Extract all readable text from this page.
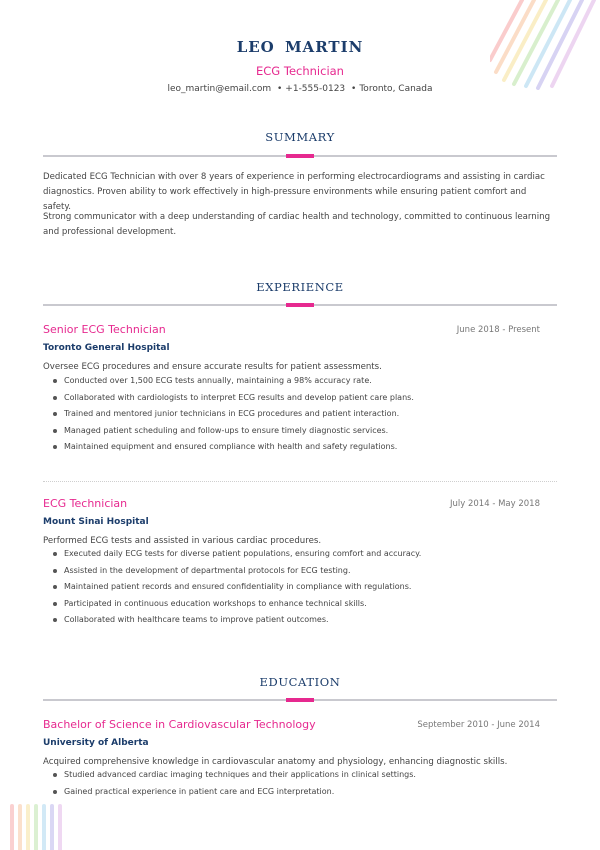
LEO MARTIN
ECG Technician
leo_martin@email.com • +1-555-0123 • Toronto, Canada
SUMMARY
Dedicated ECG Technician with over 8 years of experience in performing electrocardiograms and assisting in cardiac diagnostics. Proven ability to work effectively in high-pressure environments while ensuring patient comfort and safety.
Strong communicator with a deep understanding of cardiac health and technology, committed to continuous learning and professional development.
EXPERIENCE
Senior ECG Technician	June 2018 - Present
Toronto General Hospital
Oversee ECG procedures and ensure accurate results for patient assessments.
Conducted over 1,500 ECG tests annually, maintaining a 98% accuracy rate.
Collaborated with cardiologists to interpret ECG results and develop patient care plans.
Trained and mentored junior technicians in ECG procedures and patient interaction.
Managed patient scheduling and follow-ups to ensure timely diagnostic services.
Maintained equipment and ensured compliance with health and safety regulations.
ECG Technician	July 2014 - May 2018
Mount Sinai Hospital
Performed ECG tests and assisted in various cardiac procedures.
Executed daily ECG tests for diverse patient populations, ensuring comfort and accuracy.
Assisted in the development of departmental protocols for ECG testing.
Maintained patient records and ensured confidentiality in compliance with regulations.
Participated in continuous education workshops to enhance technical skills.
Collaborated with healthcare teams to improve patient outcomes.
EDUCATION
Bachelor of Science in Cardiovascular Technology	September 2010 - June 2014
University of Alberta
Acquired comprehensive knowledge in cardiovascular anatomy and physiology, enhancing diagnostic skills.
Studied advanced cardiac imaging techniques and their applications in clinical settings.
Gained practical experience in patient care and ECG interpretation.
